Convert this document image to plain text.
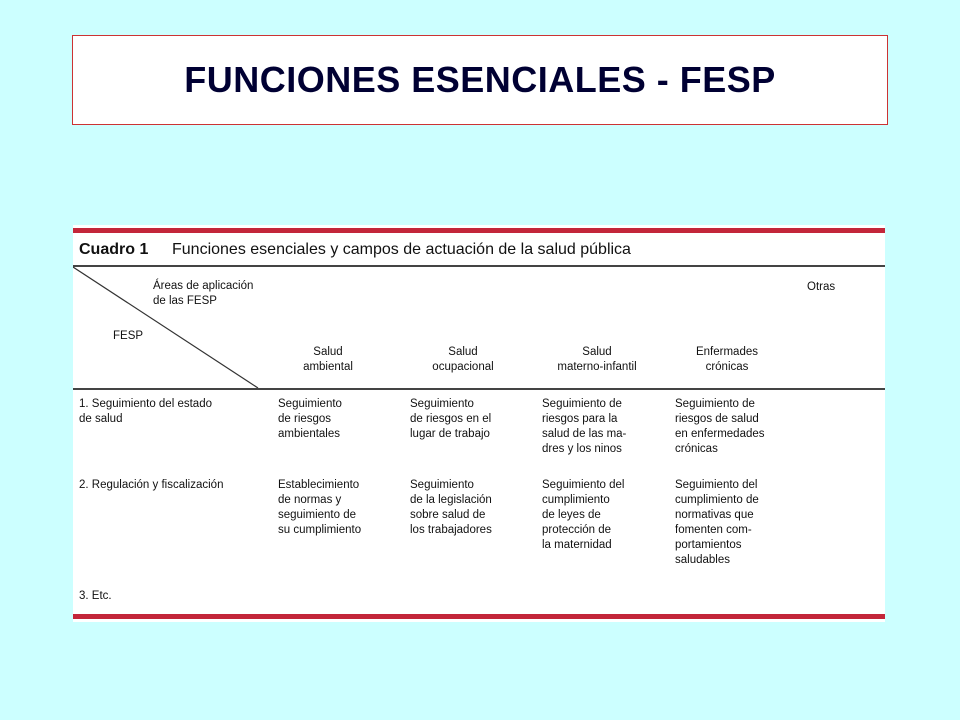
FUNCIONES ESENCIALES - FESP
Cuadro 1 Funciones esenciales y campos de actuación de la salud pública
Áreas de aplicación
de las FESP
FESP
Salud
ambiental
Salud
ocupacional
Salud
materno-infantil
Enfermades
crónicas
Otras
1. Seguimiento del estado
de salud
Seguimiento
de riesgos
ambientales
Seguimiento
de riesgos en el
lugar de trabajo
Seguimiento de
riesgos para la
salud de las ma-
dres y los ninos
Seguimiento de
riesgos de salud
en enfermedades
crónicas
2. Regulación y fiscalización	Establecimiento
de normas y
seguimiento de
su cumplimiento
Seguimiento
de la legislación
sobre salud de
los trabajadores
Seguimiento del
cumplimiento
de leyes de
protección de
la maternidad
Seguimiento del
cumplimiento de
normativas que
fomenten com-
portamientos
saludables
3. Etc.
